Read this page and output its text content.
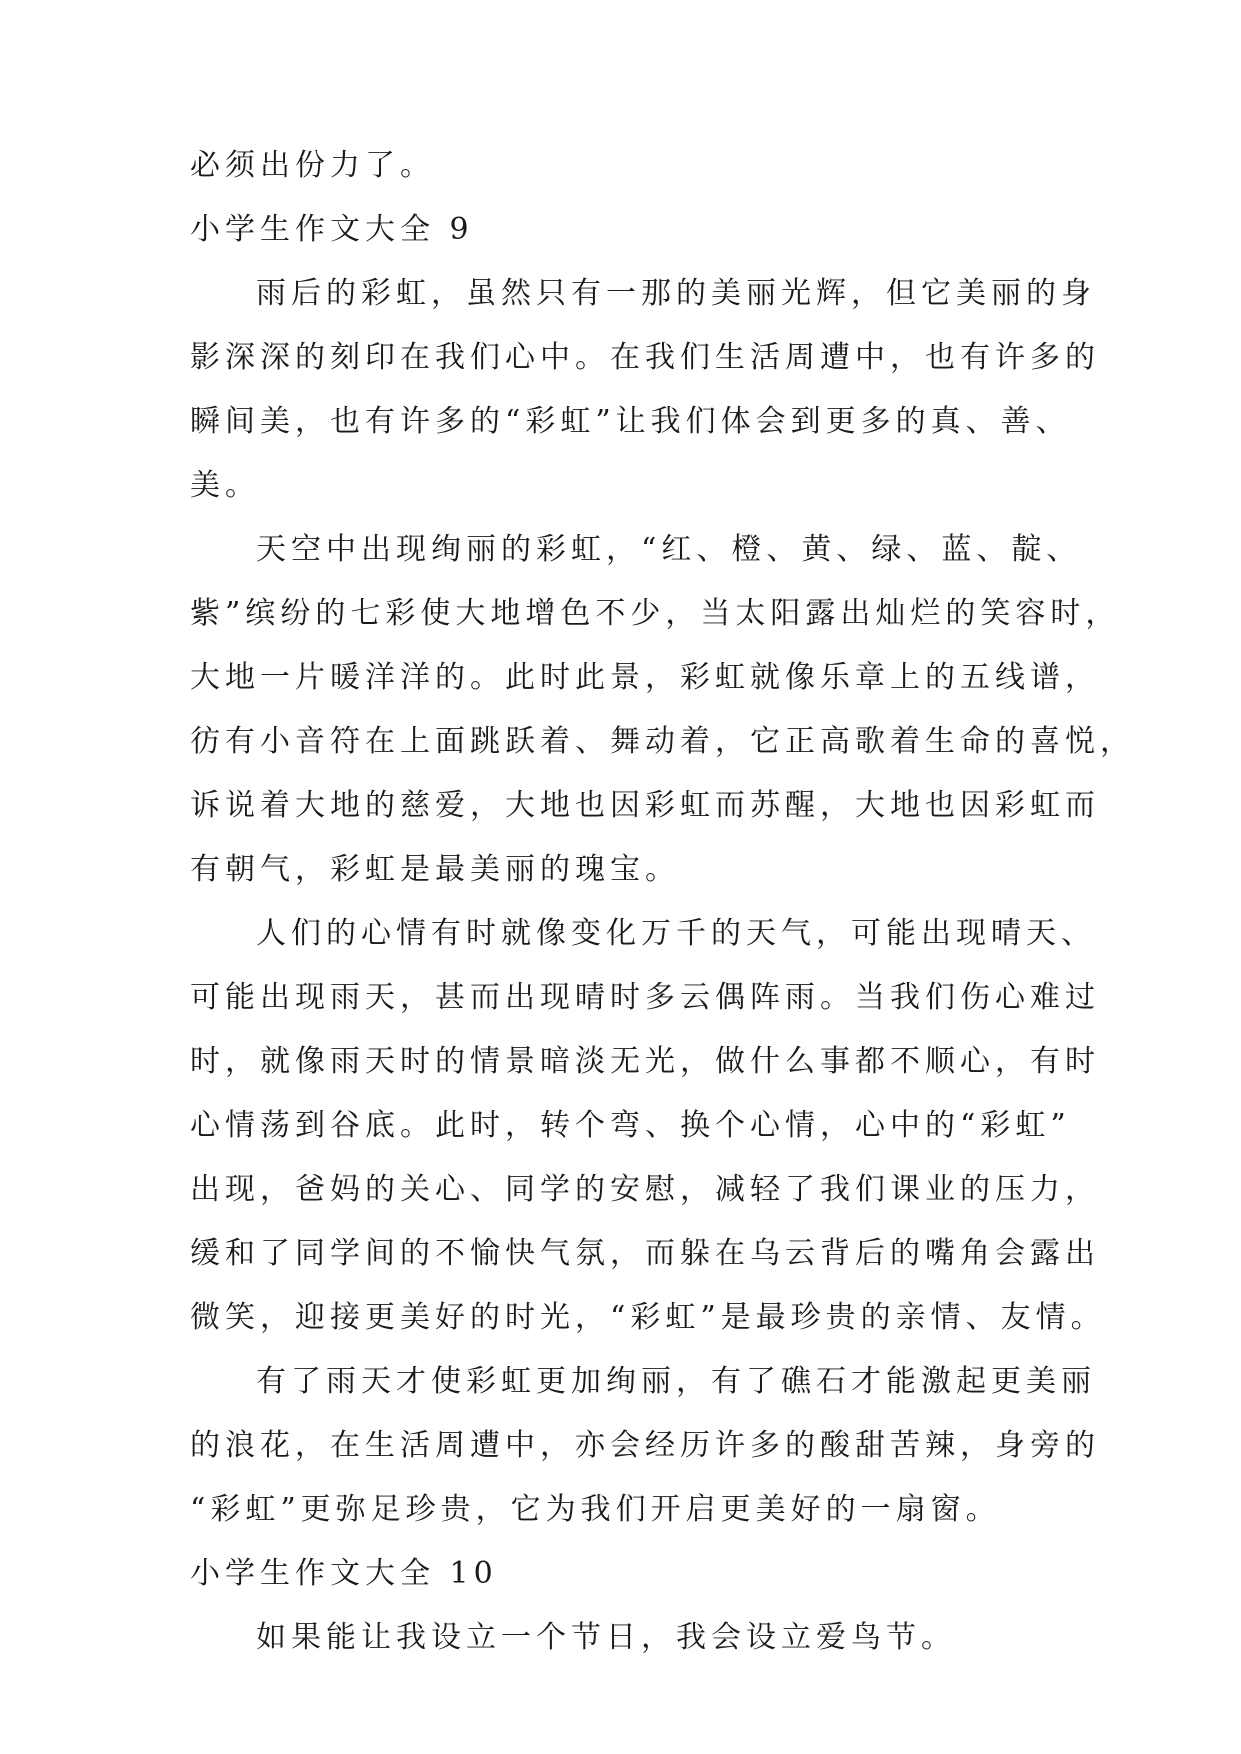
必须出份力了。
小学生作文大全 9
雨后的彩虹，虽然只有一那的美丽光辉，但它美丽的身
影深深的刻印在我们心中。在我们生活周遭中，也有许多的
瞬间美，也有许多的“彩虹”让我们体会到更多的真、善、
美。
天空中出现绚丽的彩虹，“红、橙、黄、绿、蓝、靛、
紫”缤纷的七彩使大地增色不少，当太阳露出灿烂的笑容时，
大地一片暖洋洋的。此时此景，彩虹就像乐章上的五线谱，
彷有小音符在上面跳跃着、舞动着，它正高歌着生命的喜悦，
诉说着大地的慈爱，大地也因彩虹而苏醒，大地也因彩虹而
有朝气，彩虹是最美丽的瑰宝。
人们的心情有时就像变化万千的天气，可能出现晴天、
可能出现雨天，甚而出现晴时多云偶阵雨。当我们伤心难过
时，就像雨天时的情景暗淡无光，做什么事都不顺心，有时
心情荡到谷底。此时，转个弯、换个心情，心中的“彩虹”
出现，爸妈的关心、同学的安慰，减轻了我们课业的压力，
缓和了同学间的不愉快气氛，而躲在乌云背后的嘴角会露出
微笑，迎接更美好的时光，“彩虹”是最珍贵的亲情、友情。
有了雨天才使彩虹更加绚丽，有了礁石才能激起更美丽
的浪花，在生活周遭中，亦会经历许多的酸甜苦辣，身旁的
“彩虹”更弥足珍贵，它为我们开启更美好的一扇窗。
小学生作文大全 10
如果能让我设立一个节日，我会设立爱鸟节。
